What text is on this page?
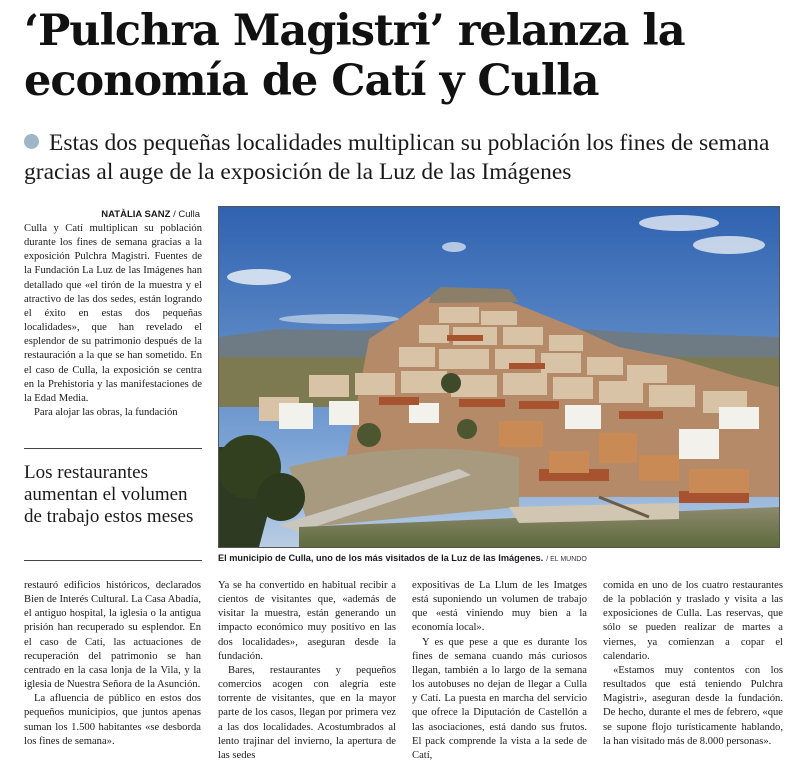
‘Pulchra Magistri’ relanza la economía de Catí y Culla

Estas dos pequeñas localidades multiplican su población los fines de semana gracias al auge de la exposición de la Luz de las Imágenes

NATÀLIA SANZ / Culla

Culla y Catí multiplican su población durante los fines de semana gracias a la exposición Pulchra Magistri. Fuentes de la Fundación La Luz de las Imágenes han detallado que «el tirón de la muestra y el atractivo de las dos sedes, están logrando el éxito en estas dos pequeñas localidades», que han revelado el esplendor de su patrimonio después de la restauración a la que se han sometido. En el caso de Culla, la exposición se centra en la Prehistoria y las manifestaciones de la Edad Media.

Para alojar las obras, la fundación

Los restaurantes aumentan el volumen de trabajo estos meses

El municipio de Culla, uno de los más visitados de la Luz de las Imágenes. / EL MUNDO

restauró edificios históricos, declarados Bien de Interés Cultural. La Casa Abadía, el antiguo hospital, la iglesia o la antigua prisión han recuperado su esplendor. En el caso de Catí, las actuaciones de recuperación del patrimonio se han centrado en la casa lonja de la Vila, y la iglesia de Nuestra Señora de la Asunción.

La afluencia de público en estos dos pequeños municipios, que juntos apenas suman los 1.500 habitantes «se desborda los fines de semana».

Ya se ha convertido en habitual recibir a cientos de visitantes que, «además de visitar la muestra, están generando un impacto económico muy positivo en las dos localidades», aseguran desde la fundación.

Bares, restaurantes y pequeños comercios acogen con alegría este torrente de visitantes, que en la mayor parte de los casos, llegan por primera vez a las dos localidades. Acostumbrados al lento trajinar del invierno, la apertura de las sedes

expositivas de La Llum de les Imatges está suponiendo un volumen de trabajo que «está viniendo muy bien a la economía local».

Y es que pese a que es durante los fines de semana cuando más curiosos llegan, también a lo largo de la semana los autobuses no dejan de llegar a Culla y Catí. La puesta en marcha del servicio que ofrece la Diputación de Castellón a las asociaciones, está dando sus frutos. El pack comprende la vista a la sede de Catí,

comida en uno de los cuatro restaurantes de la población y traslado y visita a las exposiciones de Culla. Las reservas, que sólo se pueden realizar de martes a viernes, ya comienzan a copar el calendario.

«Estamos muy contentos con los resultados que está teniendo Pulchra Magistri», aseguran desde la fundación. De hecho, durante el mes de febrero, «que se supone flojo turísticamente hablando, la han visitado más de 8.000 personas».
